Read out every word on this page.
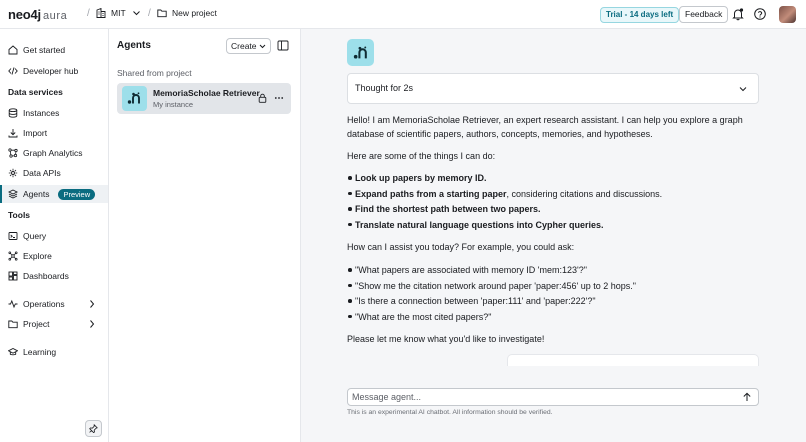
neo4j aura / MIT / New project	Trial - 14 days left	Feedback
Get started
Developer hub
Data services
Instances
Import
Graph Analytics
Data APIs
Agents	Preview
Tools
Query
Explore
Dashboards
Operations
Project
Learning
Agents	Create
Shared from project
MemoriaScholae Retriever
My instance
Thought for 2s

Hello! I am MemoriaScholae Retriever, an expert research assistant. I can help you explore a graph database of scientific papers, authors, concepts, memories, and hypotheses.

Here are some of the things I can do:

Look up papers by memory ID.
Expand paths from a starting paper, considering citations and discussions.
Find the shortest path between two papers.
Translate natural language questions into Cypher queries.

How can I assist you today? For example, you could ask:

"What papers are associated with memory ID 'mem:123'?"
"Show me the citation network around paper 'paper:456' up to 2 hops."
"Is there a connection between 'paper:111' and 'paper:222'?"
"What are the most cited papers?"

Please let me know what you'd like to investigate!

Message agent...
This is an experimental AI chatbot. All information should be verified.
